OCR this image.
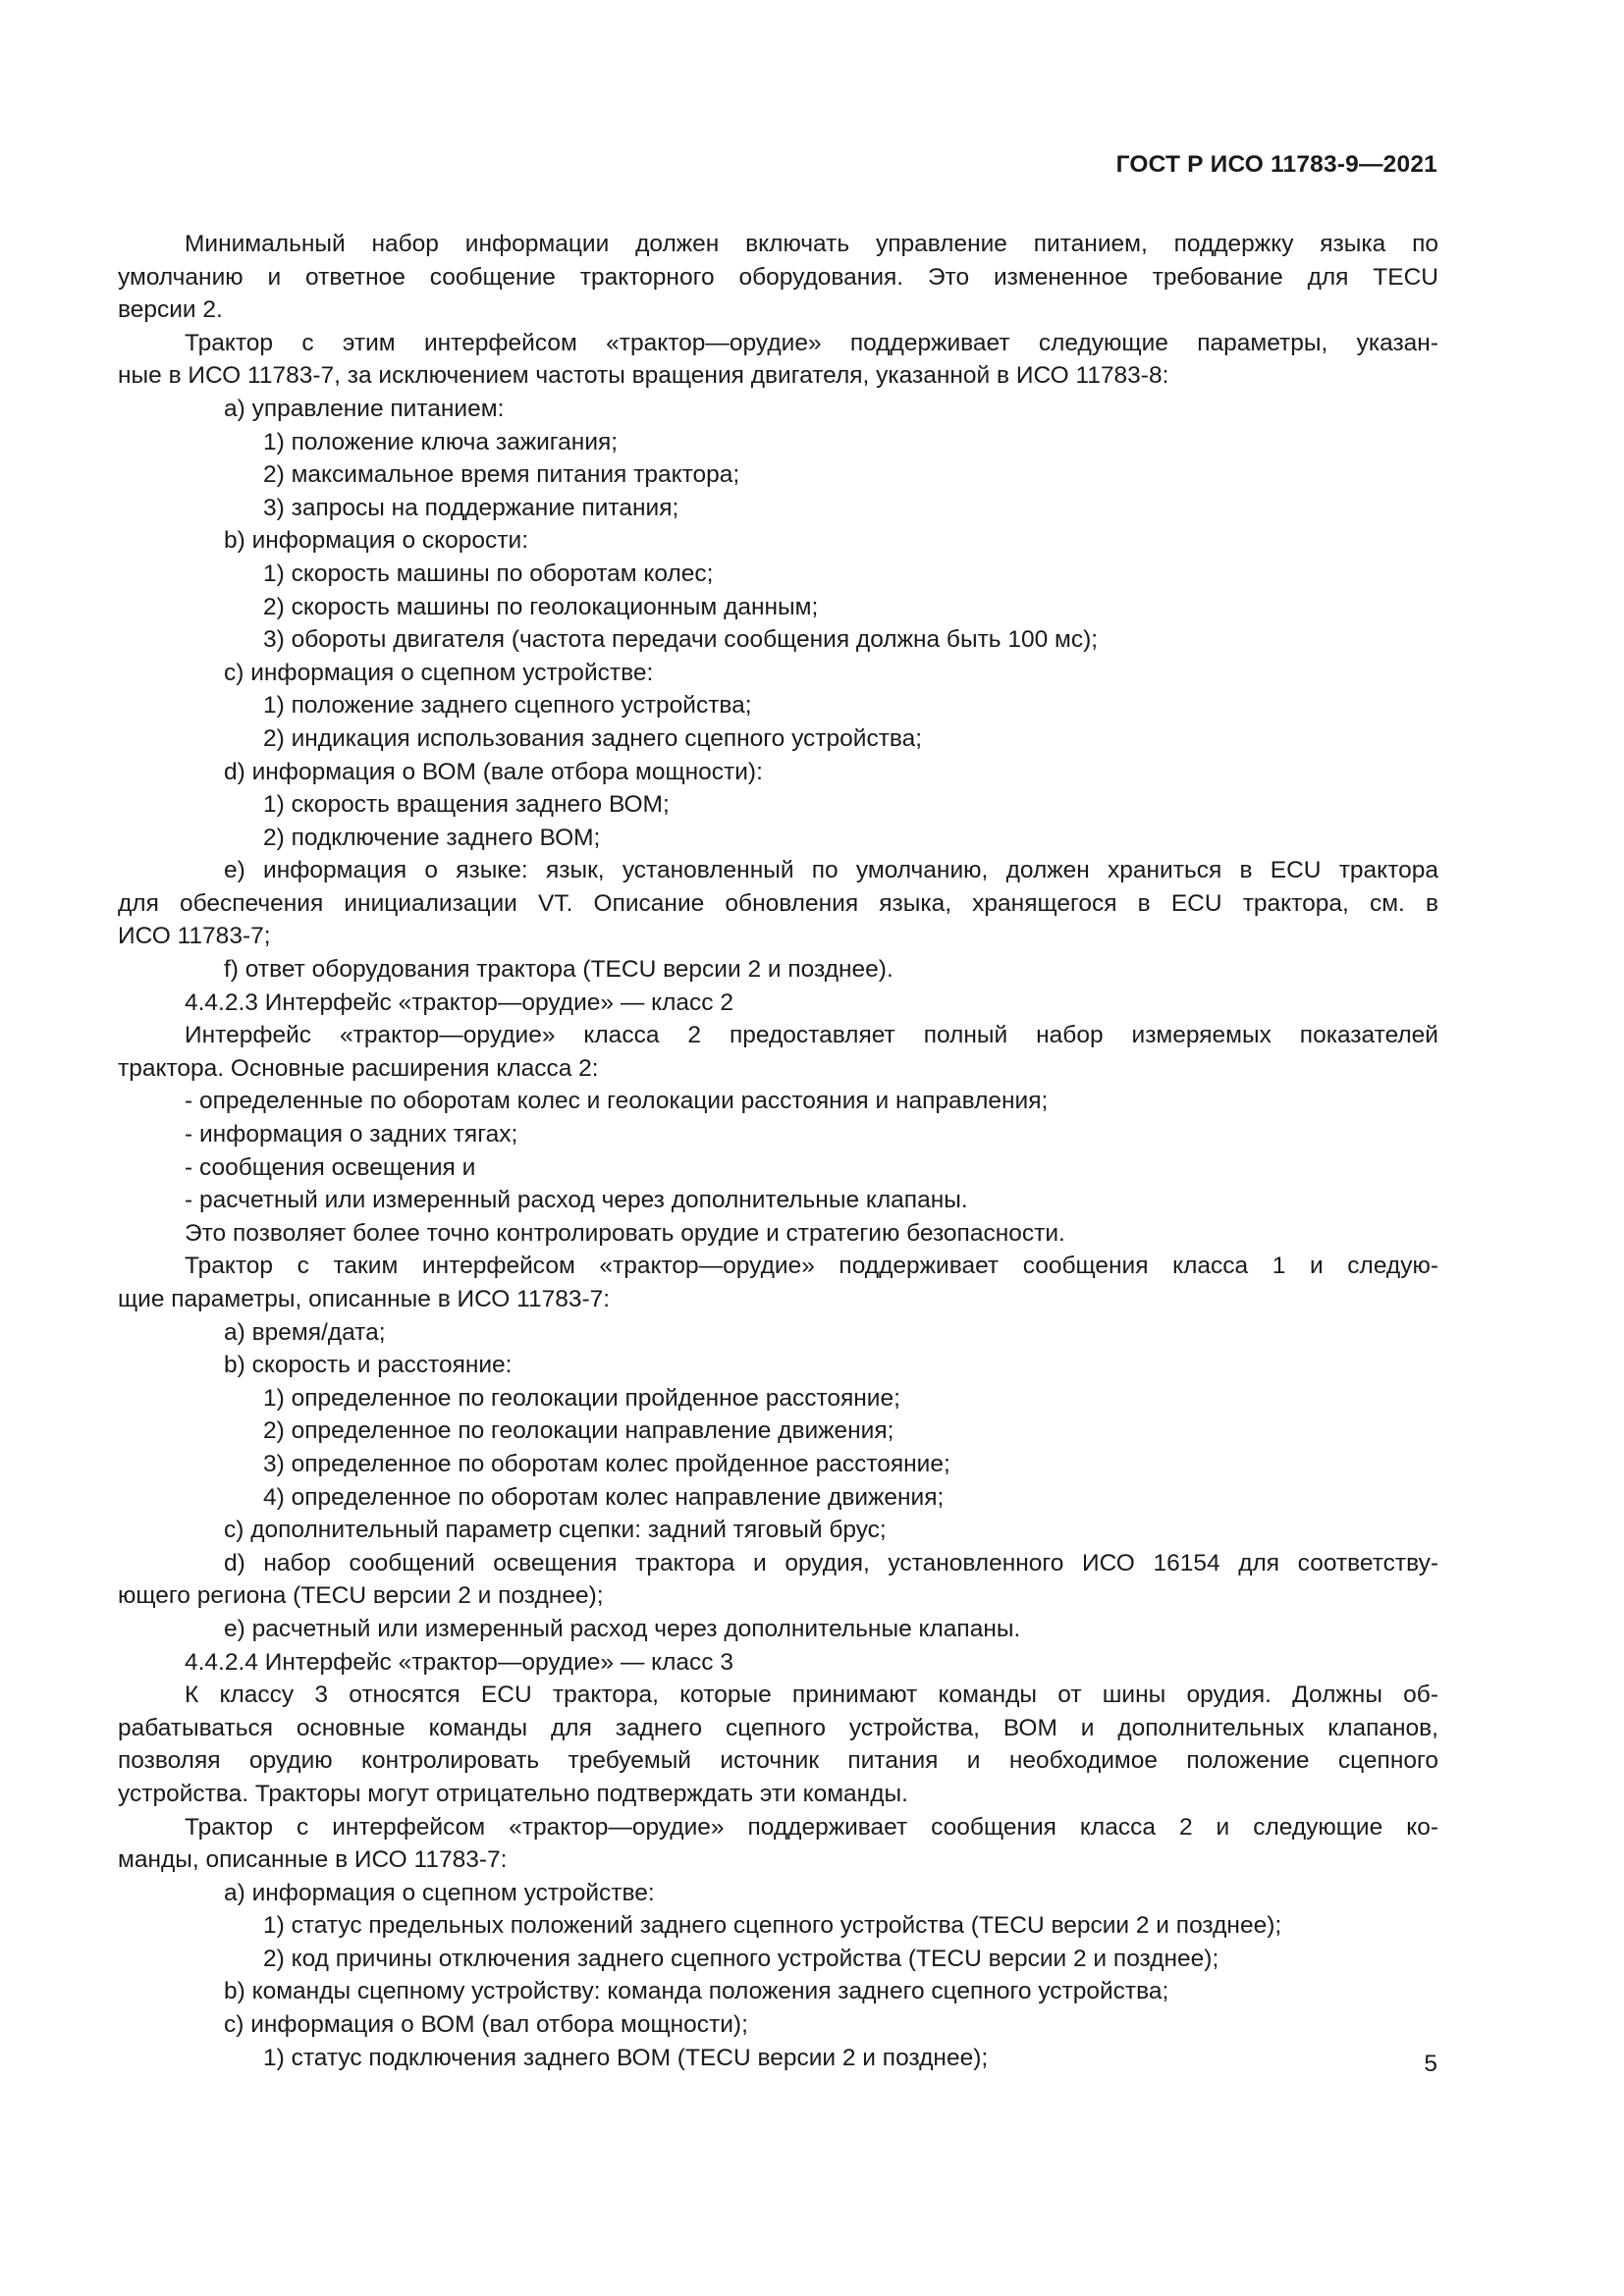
ГОСТ Р ИСО 11783-9—2021
Минимальный набор информации должен включать управление питанием, поддержку языка по
умолчанию и ответное сообщение тракторного оборудования. Это измененное требование для TECU
версии 2.
Трактор с этим интерфейсом «трактор—орудие» поддерживает следующие параметры, указан-
ные в ИСО 11783-7, за исключением частоты вращения двигателя, указанной в ИСО 11783-8:
a) управление питанием:
1) положение ключа зажигания;
2) максимальное время питания трактора;
3) запросы на поддержание питания;
b) информация о скорости:
1) скорость машины по оборотам колес;
2) скорость машины по геолокационным данным;
3) обороты двигателя (частота передачи сообщения должна быть 100 мс);
c) информация о сцепном устройстве:
1) положение заднего сцепного устройства;
2) индикация использования заднего сцепного устройства;
d) информация о ВОМ (вале отбора мощности):
1) скорость вращения заднего ВОМ;
2) подключение заднего ВОМ;
e) информация о языке: язык, установленный по умолчанию, должен храниться в ECU трактора
для обеспечения инициализации VT. Описание обновления языка, хранящегося в ECU трактора, см. в
ИСО 11783-7;
f) ответ оборудования трактора (TECU версии 2 и позднее).
4.4.2.3 Интерфейс «трактор—орудие» — класс 2
Интерфейс «трактор—орудие» класса 2 предоставляет полный набор измеряемых показателей
трактора. Основные расширения класса 2:
- определенные по оборотам колес и геолокации расстояния и направления;
- информация о задних тягах;
- сообщения освещения и
- расчетный или измеренный расход через дополнительные клапаны.
Это позволяет более точно контролировать орудие и стратегию безопасности.
Трактор с таким интерфейсом «трактор—орудие» поддерживает сообщения класса 1 и следую-
щие параметры, описанные в ИСО 11783-7:
a) время/дата;
b) скорость и расстояние:
1) определенное по геолокации пройденное расстояние;
2) определенное по геолокации направление движения;
3) определенное по оборотам колес пройденное расстояние;
4) определенное по оборотам колес направление движения;
c) дополнительный параметр сцепки: задний тяговый брус;
d) набор сообщений освещения трактора и орудия, установленного ИСО 16154 для соответству-
ющего региона (TECU версии 2 и позднее);
e) расчетный или измеренный расход через дополнительные клапаны.
4.4.2.4 Интерфейс «трактор—орудие» — класс 3
К классу 3 относятся ECU трактора, которые принимают команды от шины орудия. Должны об-
рабатываться основные команды для заднего сцепного устройства, ВОМ и дополнительных клапанов,
позволяя орудию контролировать требуемый источник питания и необходимое положение сцепного
устройства. Тракторы могут отрицательно подтверждать эти команды.
Трактор с интерфейсом «трактор—орудие» поддерживает сообщения класса 2 и следующие ко-
манды, описанные в ИСО 11783-7:
a) информация о сцепном устройстве:
1) статус предельных положений заднего сцепного устройства (TECU версии 2 и позднее);
2) код причины отключения заднего сцепного устройства (TECU версии 2 и позднее);
b) команды сцепному устройству: команда положения заднего сцепного устройства;
c) информация о ВОМ (вал отбора мощности);
1) статус подключения заднего ВОМ (TECU версии 2 и позднее);	5
